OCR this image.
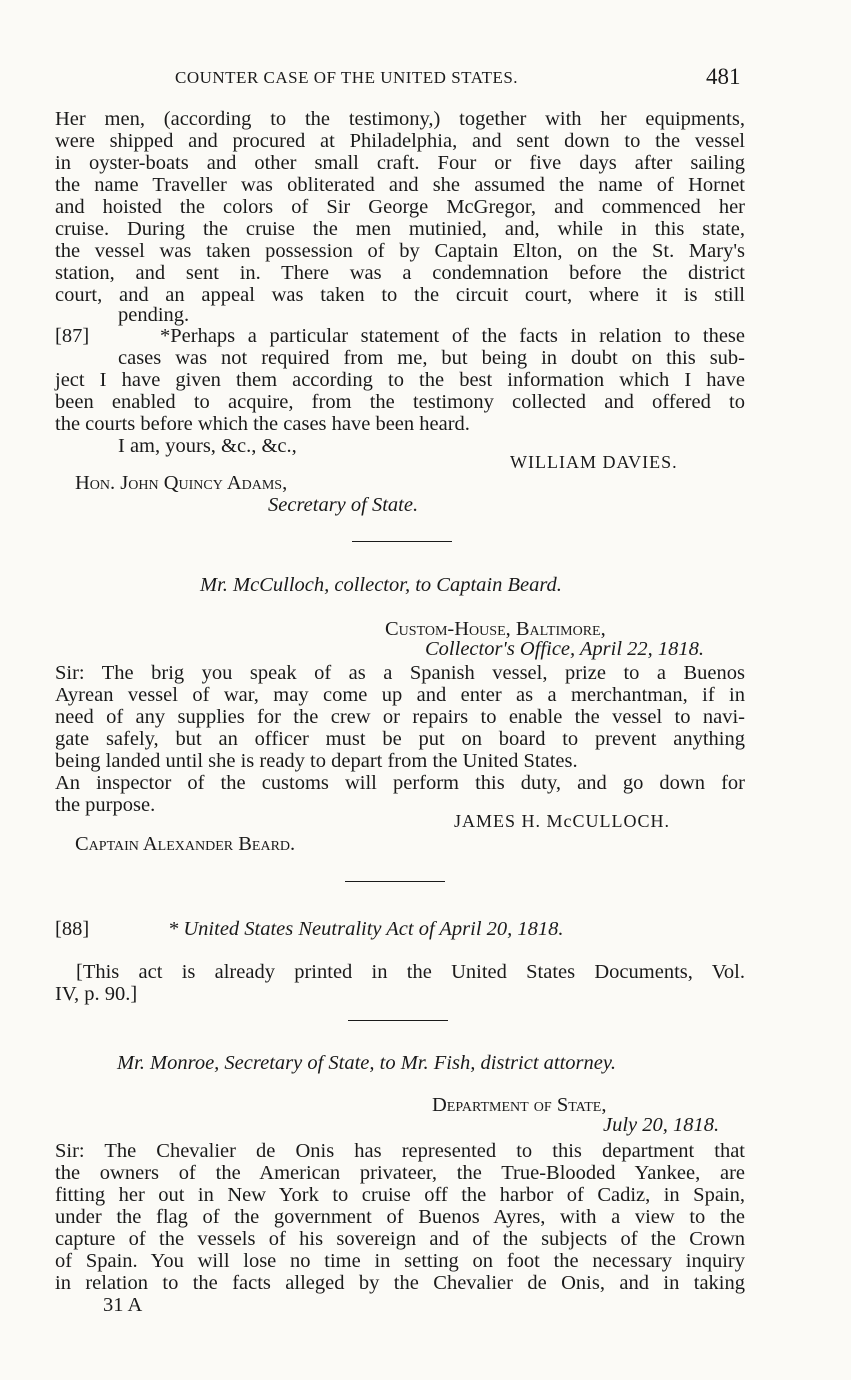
COUNTER CASE OF THE UNITED STATES.	481
Her men, (according to the testimony,) together with her equipments,
were shipped and procured at Philadelphia, and sent down to the vessel
in oyster-boats and other small craft. Four or five days after sailing
the name Traveller was obliterated and she assumed the name of Hornet
and hoisted the colors of Sir George McGregor, and commenced her
cruise. During the cruise the men mutinied, and, while in this state,
the vessel was taken possession of by Captain Elton, on the St. Mary's
station, and sent in. There was a condemnation before the district
court, and an appeal was taken to the circuit court, where it is still
pending.
[87]	*Perhaps a particular statement of the facts in relation to these
cases was not required from me, but being in doubt on this sub-
ject I have given them according to the best information which I have
been enabled to acquire, from the testimony collected and offered to
the courts before which the cases have been heard.
I am, yours, &c., &c.,
WILLIAM DAVIES.
Hon. John Quincy Adams,
Secretary of State.
Mr. McCulloch, collector, to Captain Beard.
Custom-House, Baltimore,
Collector's Office, April 22, 1818.
Sir: The brig you speak of as a Spanish vessel, prize to a Buenos
Ayrean vessel of war, may come up and enter as a merchantman, if in
need of any supplies for the crew or repairs to enable the vessel to navi-
gate safely, but an officer must be put on board to prevent anything
being landed until she is ready to depart from the United States.
An inspector of the customs will perform this duty, and go down for
the purpose.
JAMES H. McCULLOCH.
Captain Alexander Beard.
[88]	* United States Neutrality Act of April 20, 1818.
[This act is already printed in the United States Documents, Vol.
IV, p. 90.]
Mr. Monroe, Secretary of State, to Mr. Fish, district attorney.
Department of State,
July 20, 1818.
Sir: The Chevalier de Onis has represented to this department that
the owners of the American privateer, the True-Blooded Yankee, are
fitting her out in New York to cruise off the harbor of Cadiz, in Spain,
under the flag of the government of Buenos Ayres, with a view to the
capture of the vessels of his sovereign and of the subjects of the Crown
of Spain. You will lose no time in setting on foot the necessary inquiry
in relation to the facts alleged by the Chevalier de Onis, and in taking
31 A
